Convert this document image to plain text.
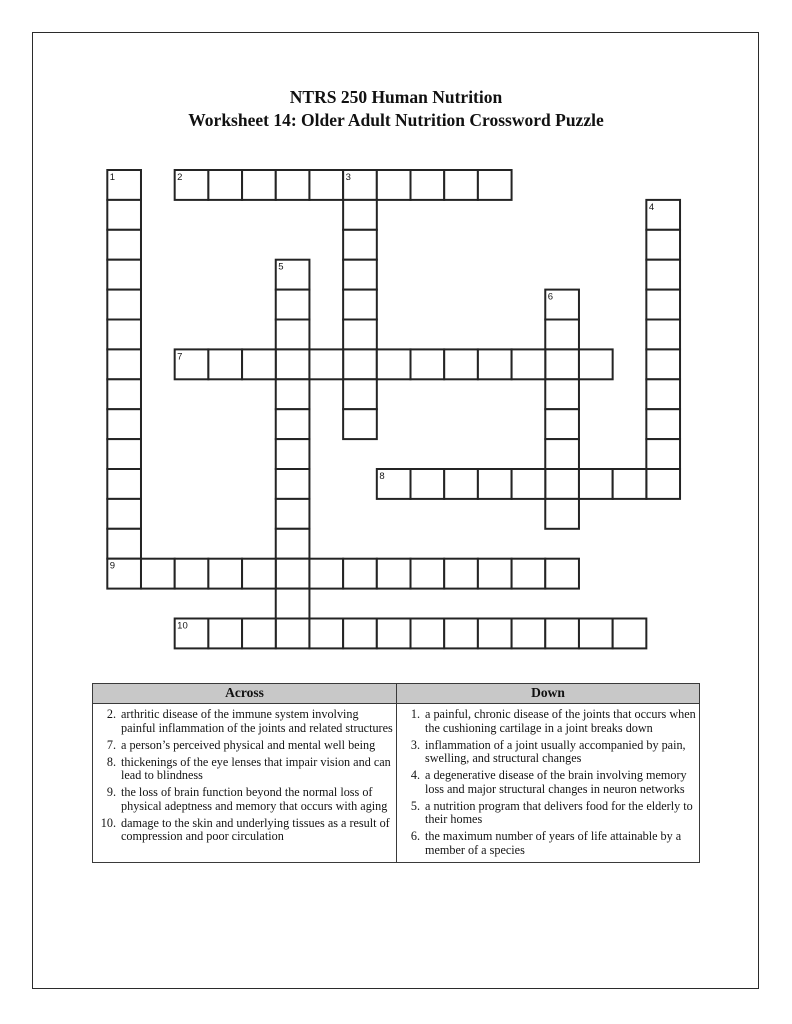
NTRS 250 Human Nutrition
Worksheet 14: Older Adult Nutrition Crossword Puzzle
1	2	3
4
5
6
7
8
9
10
Across
2. arthritic disease of the immune system involving painful inflammation of the joints and related structures
7. a person’s perceived physical and mental well being
8. thickenings of the eye lenses that impair vision and can lead to blindness
9. the loss of brain function beyond the normal loss of physical adeptness and memory that occurs with aging
10. damage to the skin and underlying tissues as a result of compression and poor circulation
Down
1. a painful, chronic disease of the joints that occurs when the cushioning cartilage in a joint breaks down
3. inflammation of a joint usually accompanied by pain, swelling, and structural changes
4. a degenerative disease of the brain involving memory loss and major structural changes in neuron networks
5. a nutrition program that delivers food for the elderly to their homes
6. the maximum number of years of life attainable by a member of a species
